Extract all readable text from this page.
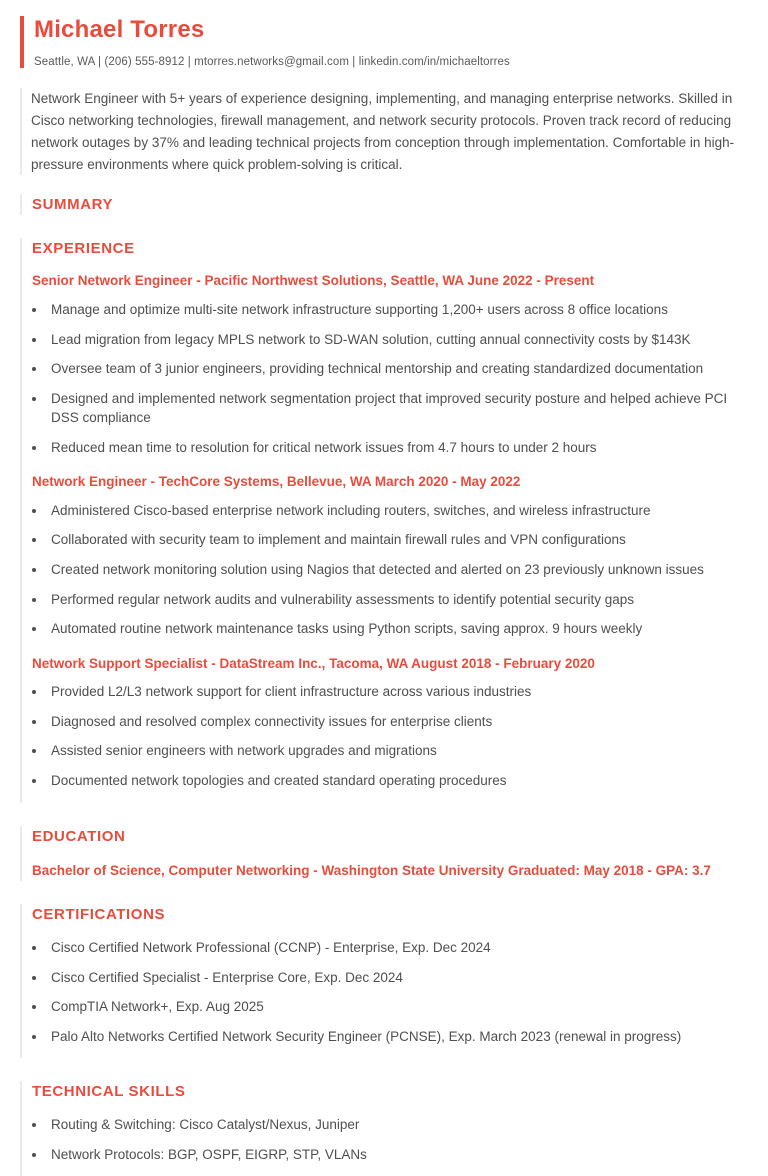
Michael Torres
Seattle, WA | (206) 555-8912 | mtorres.networks@gmail.com | linkedin.com/in/michaeltorres

Network Engineer with 5+ years of experience designing, implementing, and managing enterprise networks. Skilled in Cisco networking technologies, firewall management, and network security protocols. Proven track record of reducing network outages by 37% and leading technical projects from conception through implementation. Comfortable in high-pressure environments where quick problem-solving is critical.

SUMMARY
EXPERIENCE
Senior Network Engineer - Pacific Northwest Solutions, Seattle, WA June 2022 - Present
• Manage and optimize multi-site network infrastructure supporting 1,200+ users across 8 office locations
• Lead migration from legacy MPLS network to SD-WAN solution, cutting annual connectivity costs by $143K
• Oversee team of 3 junior engineers, providing technical mentorship and creating standardized documentation
• Designed and implemented network segmentation project that improved security posture and helped achieve PCI DSS compliance
• Reduced mean time to resolution for critical network issues from 4.7 hours to under 2 hours
Network Engineer - TechCore Systems, Bellevue, WA March 2020 - May 2022
• Administered Cisco-based enterprise network including routers, switches, and wireless infrastructure
• Collaborated with security team to implement and maintain firewall rules and VPN configurations
• Created network monitoring solution using Nagios that detected and alerted on 23 previously unknown issues
• Performed regular network audits and vulnerability assessments to identify potential security gaps
• Automated routine network maintenance tasks using Python scripts, saving approx. 9 hours weekly
Network Support Specialist - DataStream Inc., Tacoma, WA August 2018 - February 2020
• Provided L2/L3 network support for client infrastructure across various industries
• Diagnosed and resolved complex connectivity issues for enterprise clients
• Assisted senior engineers with network upgrades and migrations
• Documented network topologies and created standard operating procedures
EDUCATION
Bachelor of Science, Computer Networking - Washington State University Graduated: May 2018 - GPA: 3.7
CERTIFICATIONS
• Cisco Certified Network Professional (CCNP) - Enterprise, Exp. Dec 2024
• Cisco Certified Specialist - Enterprise Core, Exp. Dec 2024
• CompTIA Network+, Exp. Aug 2025
• Palo Alto Networks Certified Network Security Engineer (PCNSE), Exp. March 2023 (renewal in progress)
TECHNICAL SKILLS
• Routing & Switching: Cisco Catalyst/Nexus, Juniper
• Network Protocols: BGP, OSPF, EIGRP, STP, VLANs
